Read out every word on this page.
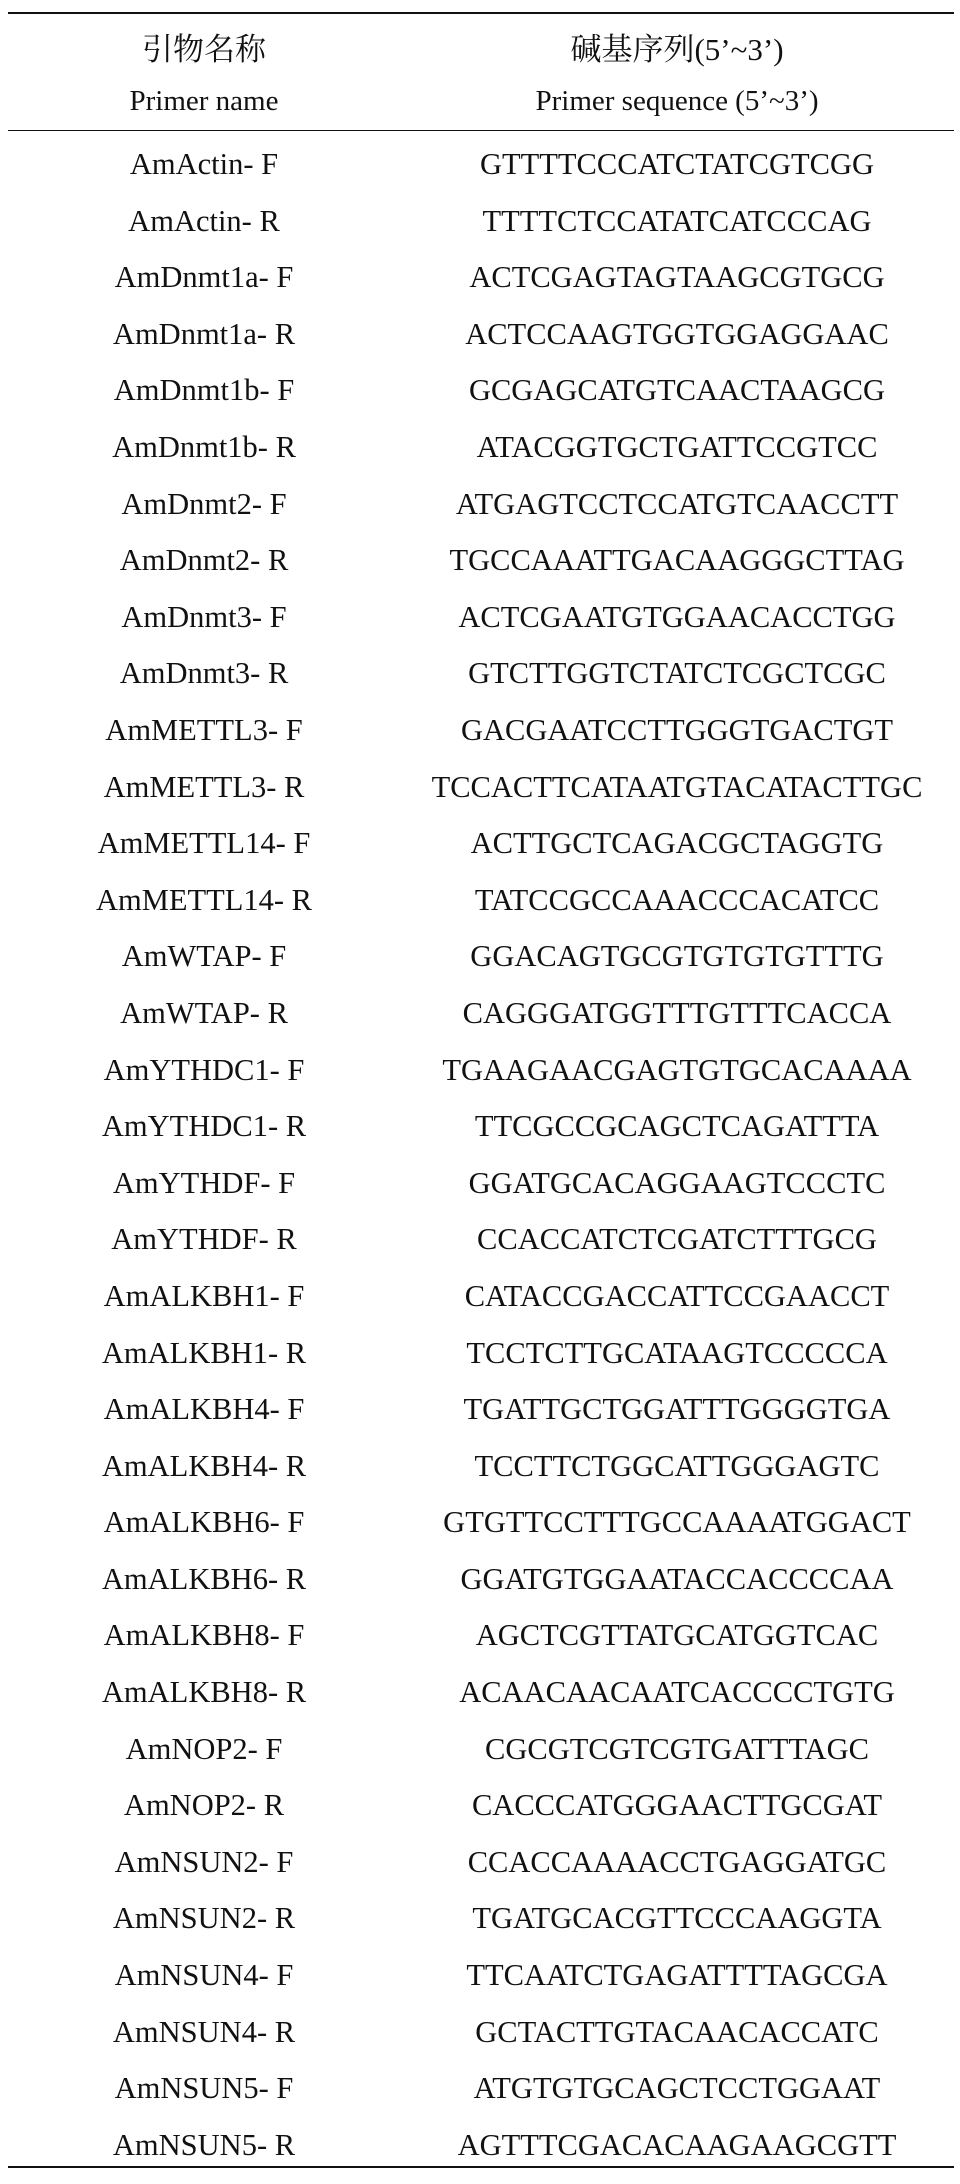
引物名称	碱基序列(5’~3’)
Primer name	Primer sequence (5’~3’)
AmActin- F	GTTTTCCCATCTATCGTCGG
AmActin- R	TTTTCTCCATATCATCCCAG
AmDnmt1a- F	ACTCGAGTAGTAAGCGTGCG
AmDnmt1a- R	ACTCCAAGTGGTGGAGGAAC
AmDnmt1b- F	GCGAGCATGTCAACTAAGCG
AmDnmt1b- R	ATACGGTGCTGATTCCGTCC
AmDnmt2- F	ATGAGTCCTCCATGTCAACCTT
AmDnmt2- R	TGCCAAATTGACAAGGGCTTAG
AmDnmt3- F	ACTCGAATGTGGAACACCTGG
AmDnmt3- R	GTCTTGGTCTATCTCGCTCGC
AmMETTL3- F	GACGAATCCTTGGGTGACTGT
AmMETTL3- R	TCCACTTCATAATGTACATACTTGC
AmMETTL14- F	ACTTGCTCAGACGCTAGGTG
AmMETTL14- R	TATCCGCCAAACCCACATCC
AmWTAP- F	GGACAGTGCGTGTGTGTTTG
AmWTAP- R	CAGGGATGGTTTGTTTCACCA
AmYTHDC1- F	TGAAGAACGAGTGTGCACAAAA
AmYTHDC1- R	TTCGCCGCAGCTCAGATTTA
AmYTHDF- F	GGATGCACAGGAAGTCCCTC
AmYTHDF- R	CCACCATCTCGATCTTTGCG
AmALKBH1- F	CATACCGACCATTCCGAACCT
AmALKBH1- R	TCCTCTTGCATAAGTCCCCCA
AmALKBH4- F	TGATTGCTGGATTTGGGGTGA
AmALKBH4- R	TCCTTCTGGCATTGGGAGTC
AmALKBH6- F	GTGTTCCTTTGCCAAAATGGACT
AmALKBH6- R	GGATGTGGAATACCACCCCAA
AmALKBH8- F	AGCTCGTTATGCATGGTCAC
AmALKBH8- R	ACAACAACAATCACCCCTGTG
AmNOP2- F	CGCGTCGTCGTGATTTAGC
AmNOP2- R	CACCCATGGGAACTTGCGAT
AmNSUN2- F	CCACCAAAACCTGAGGATGC
AmNSUN2- R	TGATGCACGTTCCCAAGGTA
AmNSUN4- F	TTCAATCTGAGATTTTAGCGA
AmNSUN4- R	GCTACTTGTACAACACCATC
AmNSUN5- F	ATGTGTGCAGCTCCTGGAAT
AmNSUN5- R	AGTTTCGACACAAGAAGCGTT
